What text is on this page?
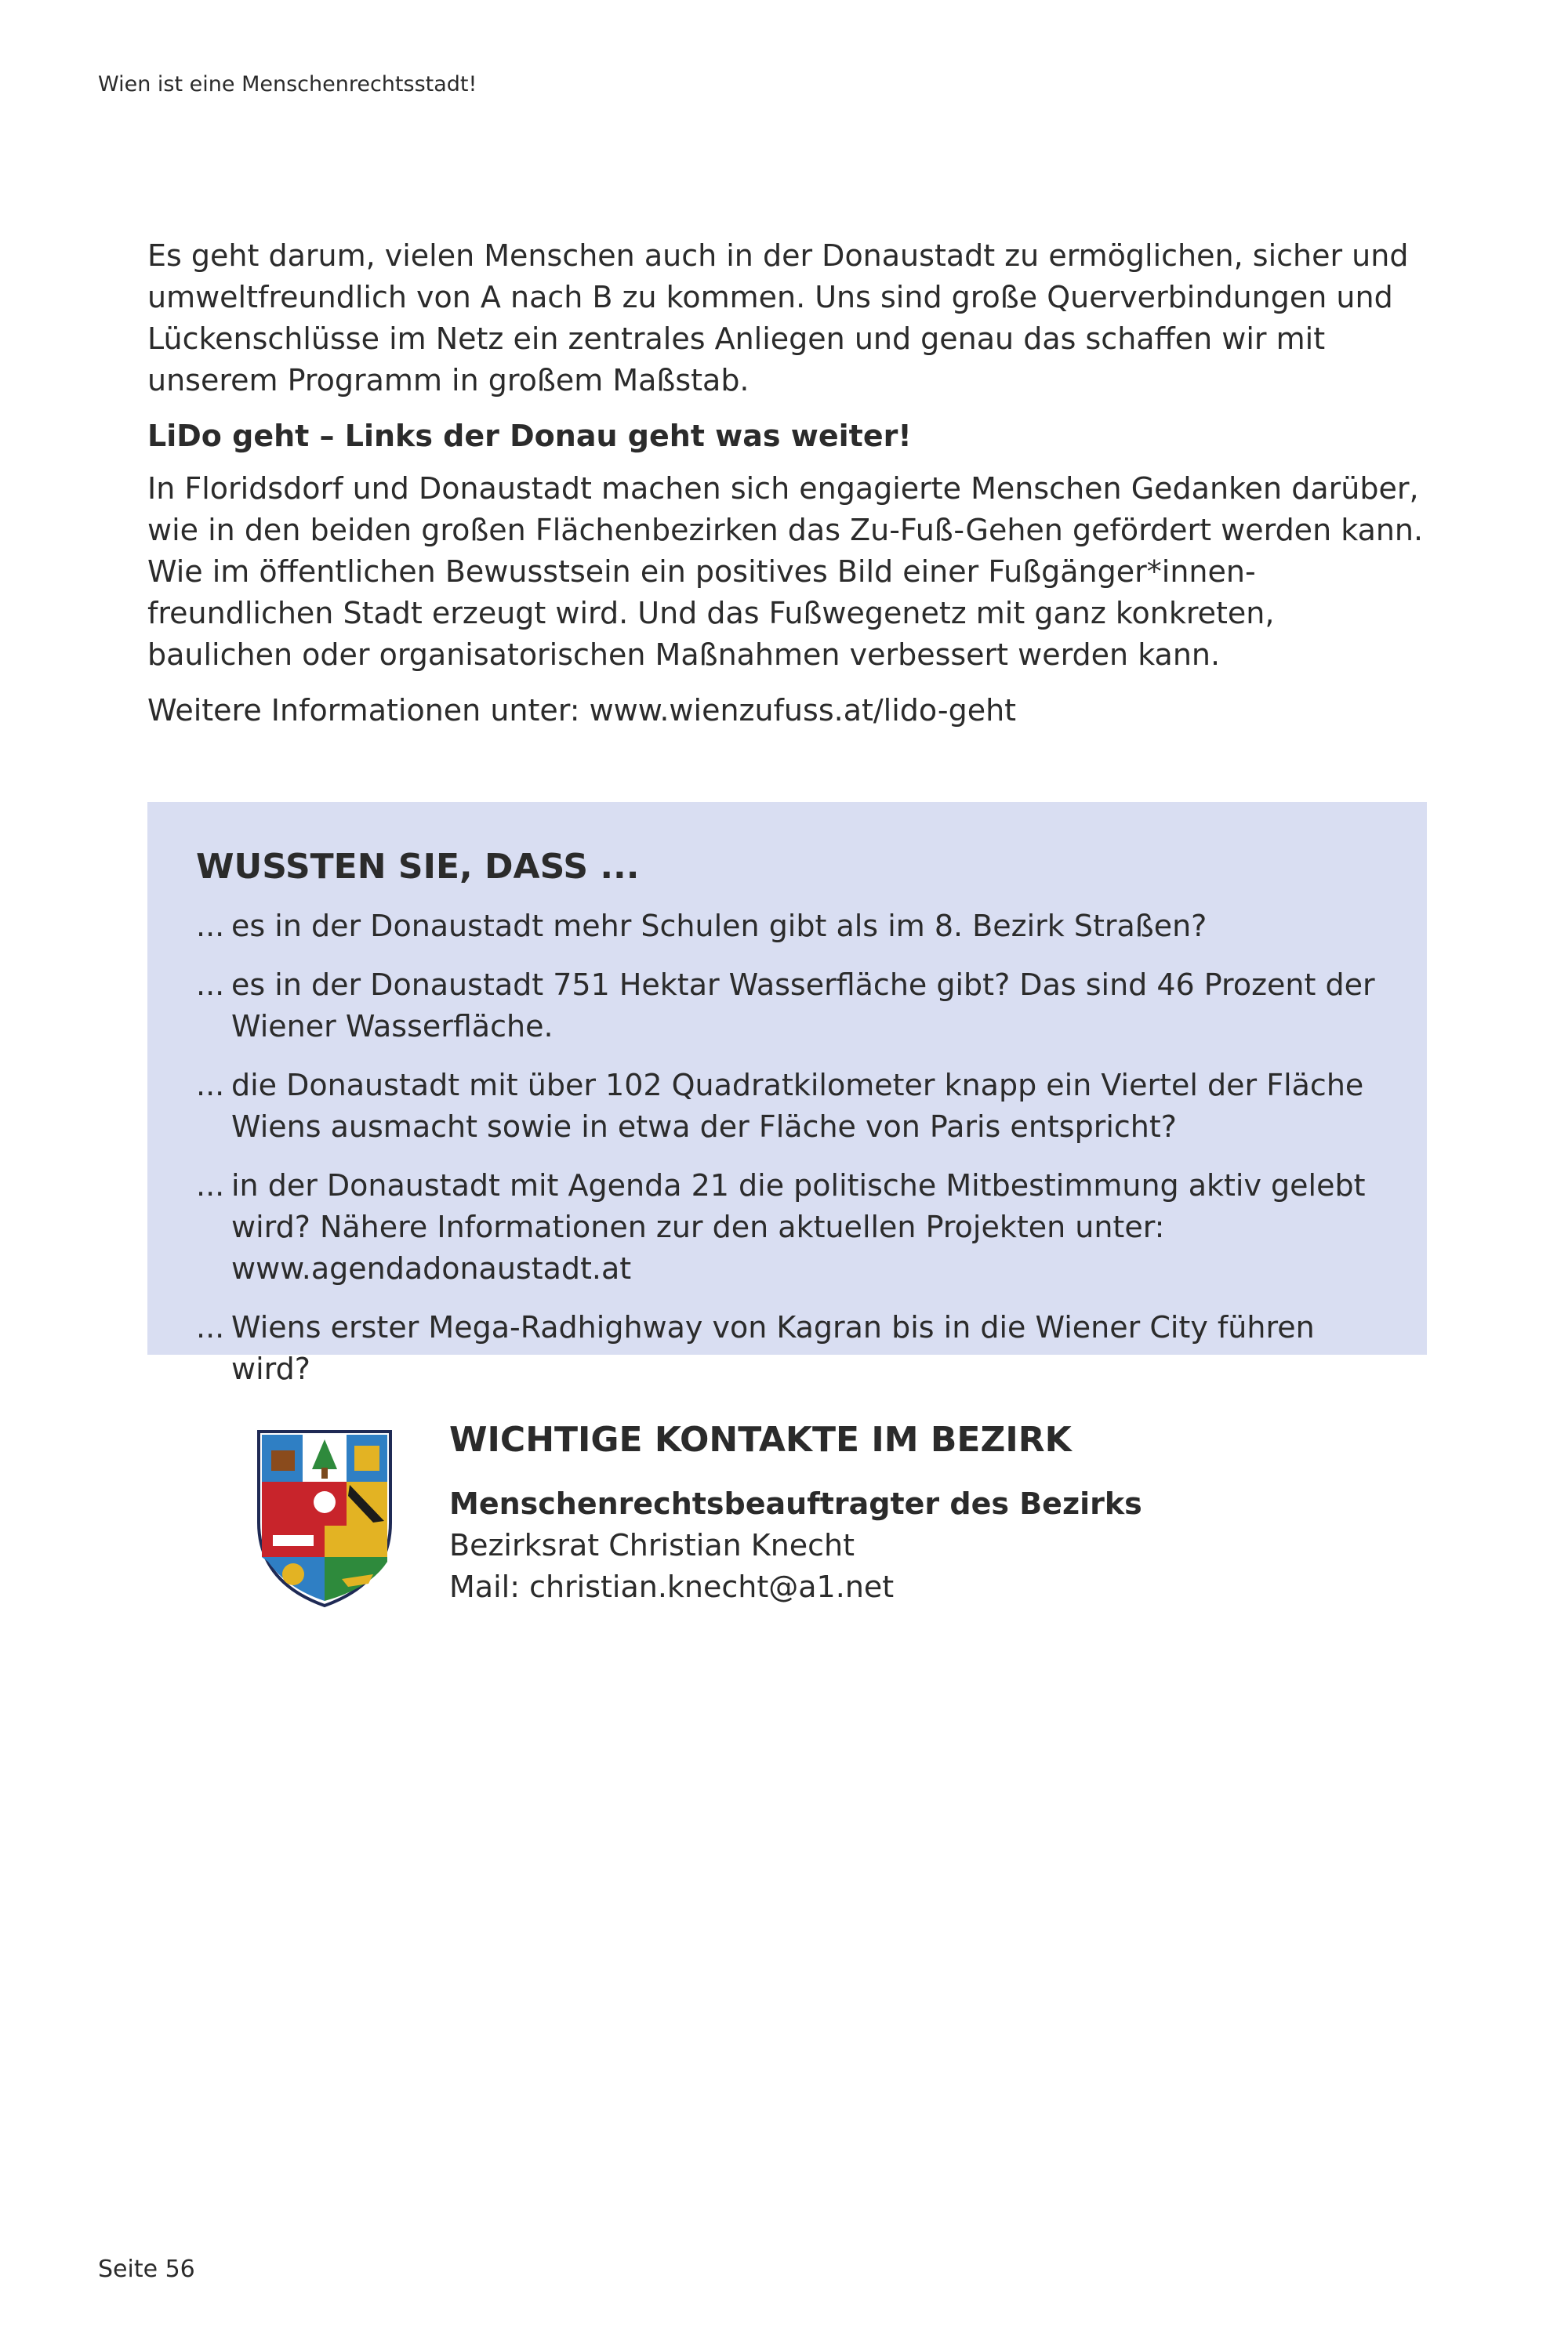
Wien ist eine Menschenrechtsstadt!

Es geht darum, vielen Menschen auch in der Donaustadt zu ermöglichen, sicher und umweltfreundlich von A nach B zu kommen. Uns sind große Querverbindungen und Lückenschlüsse im Netz ein zentrales Anliegen und genau das schaffen wir mit unserem Programm in großem Maßstab.

LiDo geht – Links der Donau geht was weiter!

In Floridsdorf und Donaustadt machen sich engagierte Menschen Gedanken darüber, wie in den beiden großen Flächenbezirken das Zu-Fuß-Gehen gefördert werden kann. Wie im öffentlichen Bewusstsein ein positives Bild einer Fußgänger*innen-freundlichen Stadt erzeugt wird. Und das Fußwegenetz mit ganz konkreten, baulichen oder organisatorischen Maßnahmen verbessert werden kann.

Weitere Informationen unter: www.wienzufuss.at/lido-geht

WUSSTEN SIE, DASS ...
... es in der Donaustadt mehr Schulen gibt als im 8. Bezirk Straßen?
... es in der Donaustadt 751 Hektar Wasserfläche gibt? Das sind 46 Prozent der Wiener Wasserfläche.
... die Donaustadt mit über 102 Quadratkilometer knapp ein Viertel der Fläche Wiens ausmacht sowie in etwa der Fläche von Paris entspricht?
... in der Donaustadt mit Agenda 21 die politische Mitbestimmung aktiv gelebt wird? Nähere Informationen zur den aktuellen Projekten unter: www.agendadonaustadt.at
... Wiens erster Mega-Radhighway von Kagran bis in die Wiener City führen wird?
WICHTIGE KONTAKTE IM BEZIRK
Menschenrechtsbeauftragter des Bezirks
Bezirksrat Christian Knecht
Mail: christian.knecht@a1.net
Seite 56
